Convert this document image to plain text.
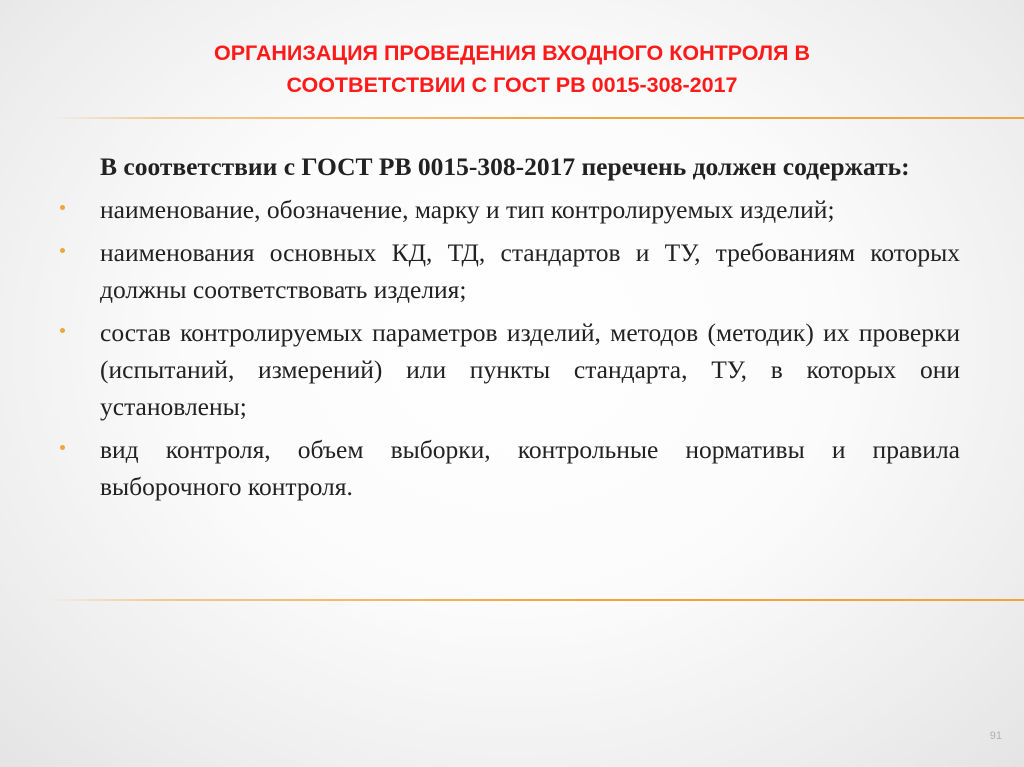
ОРГАНИЗАЦИЯ ПРОВЕДЕНИЯ ВХОДНОГО КОНТРОЛЯ В
СООТВЕТСТВИИ С ГОСТ РВ 0015-308-2017

В соответствии с ГОСТ РВ 0015-308-2017 перечень должен содержать:

наименование, обозначение, марку и тип контролируемых изделий;
наименования основных КД, ТД, стандартов и ТУ, требованиям которых должны соответствовать изделия;
состав контролируемых параметров изделий, методов (методик) их проверки (испытаний, измерений) или пункты стандарта, ТУ, в которых они установлены;
вид контроля, объем выборки, контрольные нормативы и правила выборочного контроля.
91
